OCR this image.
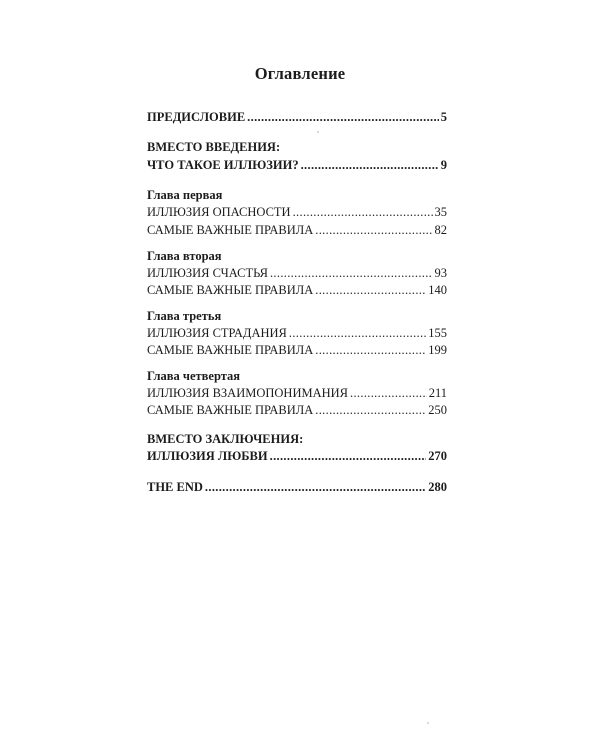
Оглавление
ПРЕДИСЛОВИЕ . . .	5
ВМЕСТО ВВЕДЕНИЯ:
ЧТО ТАКОЕ ИЛЛЮЗИИ? . . .	9
Глава первая
ИЛЛЮЗИЯ ОПАСНОСТИ . . .	35
САМЫЕ ВАЖНЫЕ ПРАВИЛА . . .	82
Глава вторая
ИЛЛЮЗИЯ СЧАСТЬЯ . . .	93
САМЫЕ ВАЖНЫЕ ПРАВИЛА . . .	140
Глава третья
ИЛЛЮЗИЯ СТРАДАНИЯ . . .	155
САМЫЕ ВАЖНЫЕ ПРАВИЛА . . .	199
Глава четвертая
ИЛЛЮЗИЯ ВЗАИМОПОНИМАНИЯ . . .	211
САМЫЕ ВАЖНЫЕ ПРАВИЛА . . .	250
ВМЕСТО ЗАКЛЮЧЕНИЯ:
ИЛЛЮЗИЯ ЛЮБВИ . . .	270
THE END . . .	280
